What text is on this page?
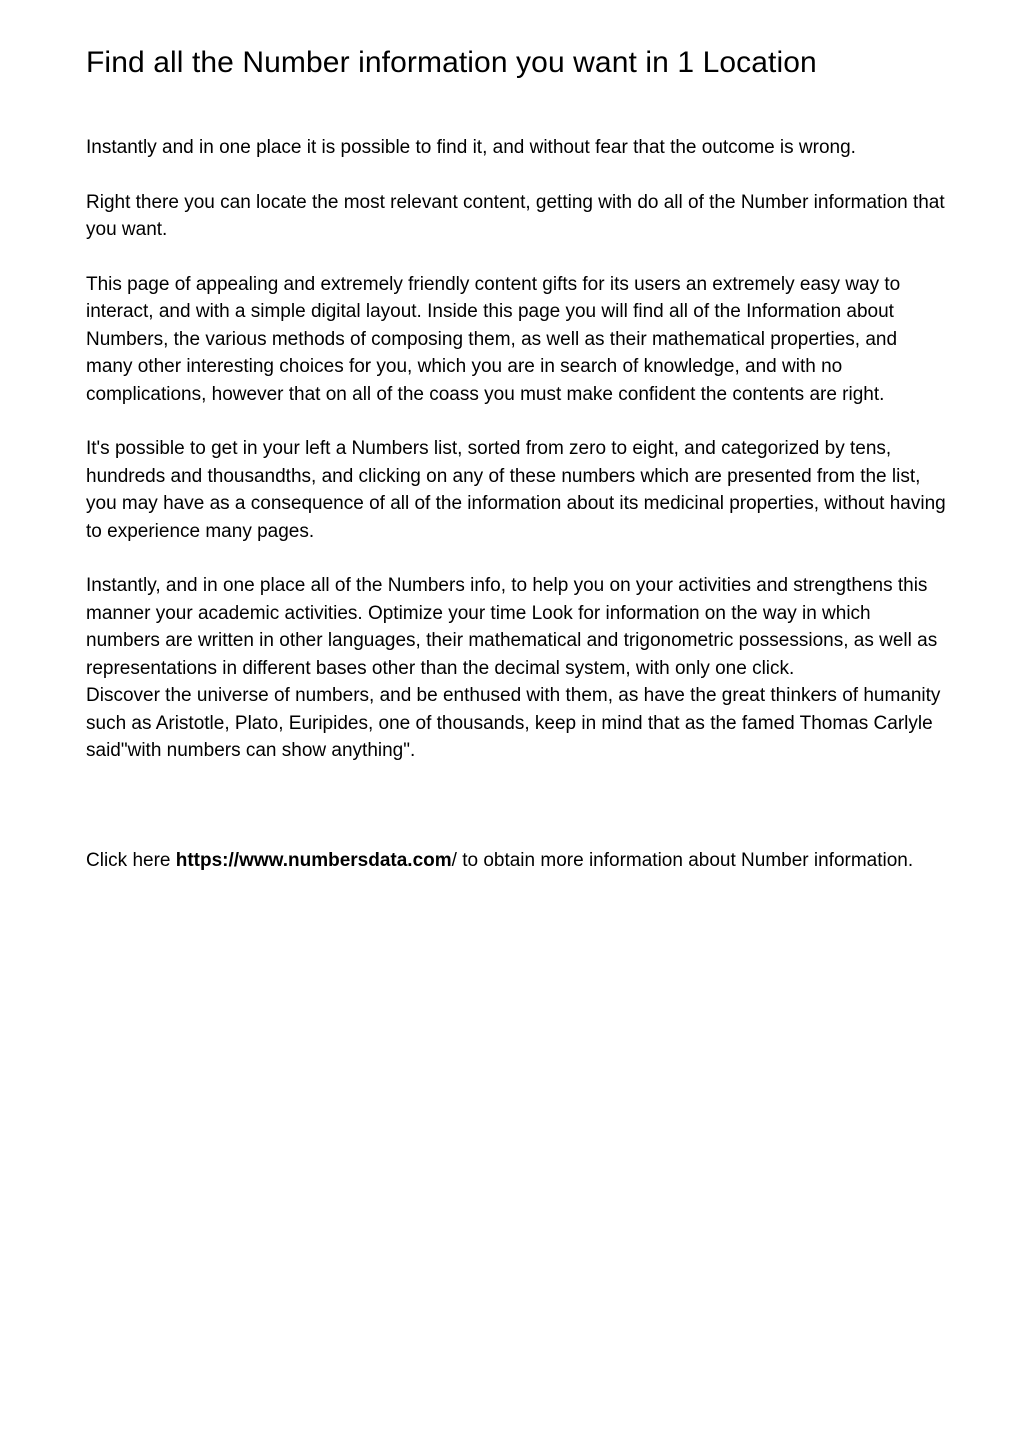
Find all the Number information you want in 1 Location

Instantly and in one place it is possible to find it, and without fear that the outcome is wrong.

Right there you can locate the most relevant content, getting with do all of the Number information that you want.

This page of appealing and extremely friendly content gifts for its users an extremely easy way to interact, and with a simple digital layout. Inside this page you will find all of the Information about Numbers, the various methods of composing them, as well as their mathematical properties, and many other interesting choices for you, which you are in search of knowledge, and with no complications, however that on all of the coass you must make confident the contents are right.

It's possible to get in your left a Numbers list, sorted from zero to eight, and categorized by tens, hundreds and thousandths, and clicking on any of these numbers which are presented from the list, you may have as a consequence of all of the information about its medicinal properties, without having to experience many pages.

Instantly, and in one place all of the Numbers info, to help you on your activities and strengthens this manner your academic activities. Optimize your time Look for information on the way in which numbers are written in other languages, their mathematical and trigonometric possessions, as well as representations in different bases other than the decimal system, with only one click.

Discover the universe of numbers, and be enthused with them, as have the great thinkers of humanity such as Aristotle, Plato, Euripides, one of thousands, keep in mind that as the famed Thomas Carlyle said"with numbers can show anything".

Click here https://www.numbersdata.com/ to obtain more information about Number information.
